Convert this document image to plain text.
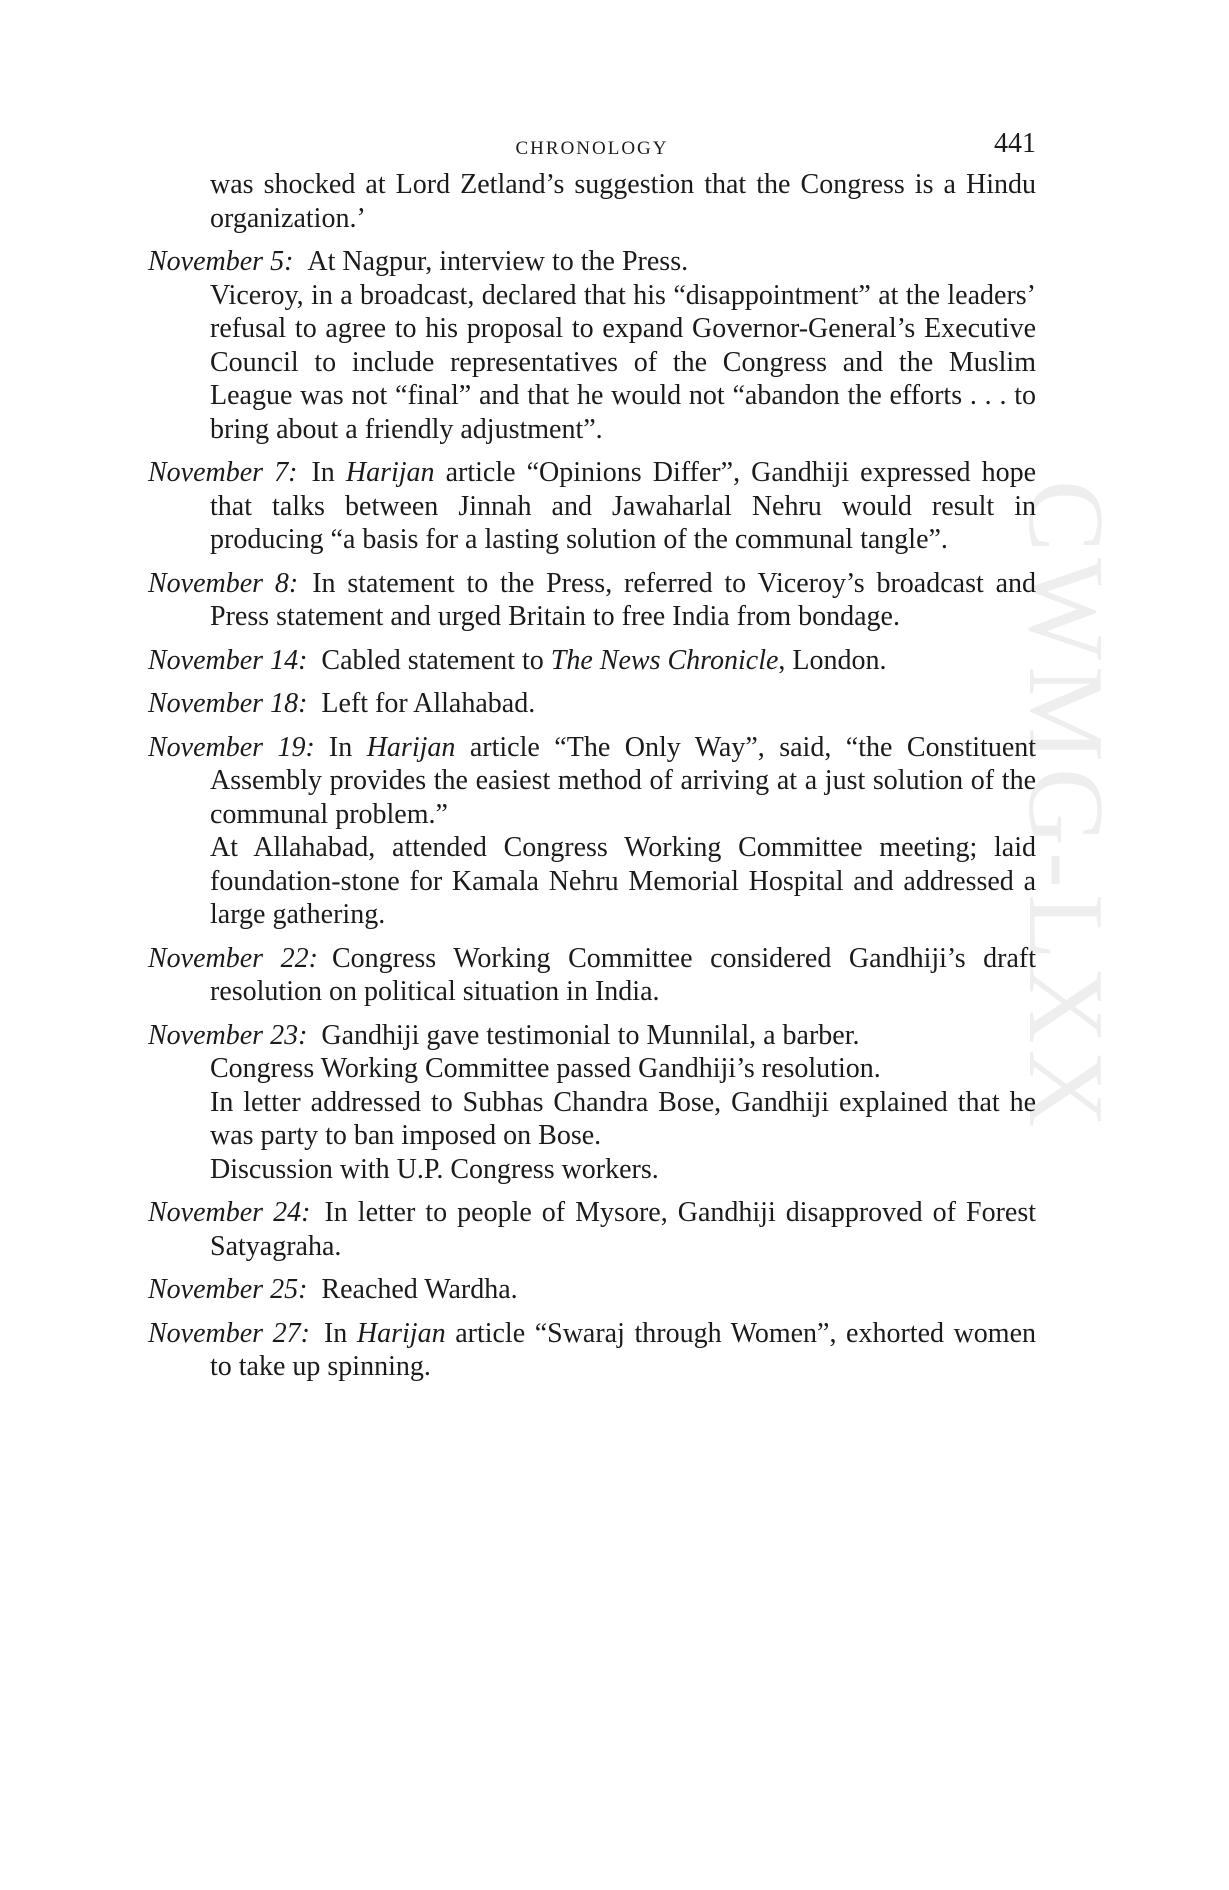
CWMG-LXX
CHRONOLOGY	441

was shocked at Lord Zetland’s suggestion that the Congress is a Hindu organization.’

November 5: At Nagpur, interview to the Press.

Viceroy, in a broadcast, declared that his “disappointment” at the leaders’ refusal to agree to his proposal to expand Governor-General’s Executive Council to include representatives of the Congress and the Muslim League was not “final” and that he would not “abandon the efforts . . . to bring about a friendly adjustment”.

November 7: In Harijan article “Opinions Differ”, Gandhiji expressed hope that talks between Jinnah and Jawaharlal Nehru would result in producing “a basis for a lasting solution of the communal tangle”.

November 8: In statement to the Press, referred to Viceroy’s broadcast and Press statement and urged Britain to free India from bondage.

November 14: Cabled statement to The News Chronicle, London.

November 18: Left for Allahabad.

November 19: In Harijan article “The Only Way”, said, “the Constituent Assembly provides the easiest method of arriving at a just solution of the communal problem.”

At Allahabad, attended Congress Working Committee meeting; laid foundation-stone for Kamala Nehru Memorial Hospital and addressed a large gathering.

November 22: Congress Working Committee considered Gandhiji’s draft resolution on political situation in India.

November 23: Gandhiji gave testimonial to Munnilal, a barber.

Congress Working Committee passed Gandhiji’s resolution.

In letter addressed to Subhas Chandra Bose, Gandhiji explained that he was party to ban imposed on Bose.

Discussion with U.P. Congress workers.

November 24: In letter to people of Mysore, Gandhiji disapproved of Forest Satyagraha.

November 25: Reached Wardha.

November 27: In Harijan article “Swaraj through Women”, exhorted women to take up spinning.
